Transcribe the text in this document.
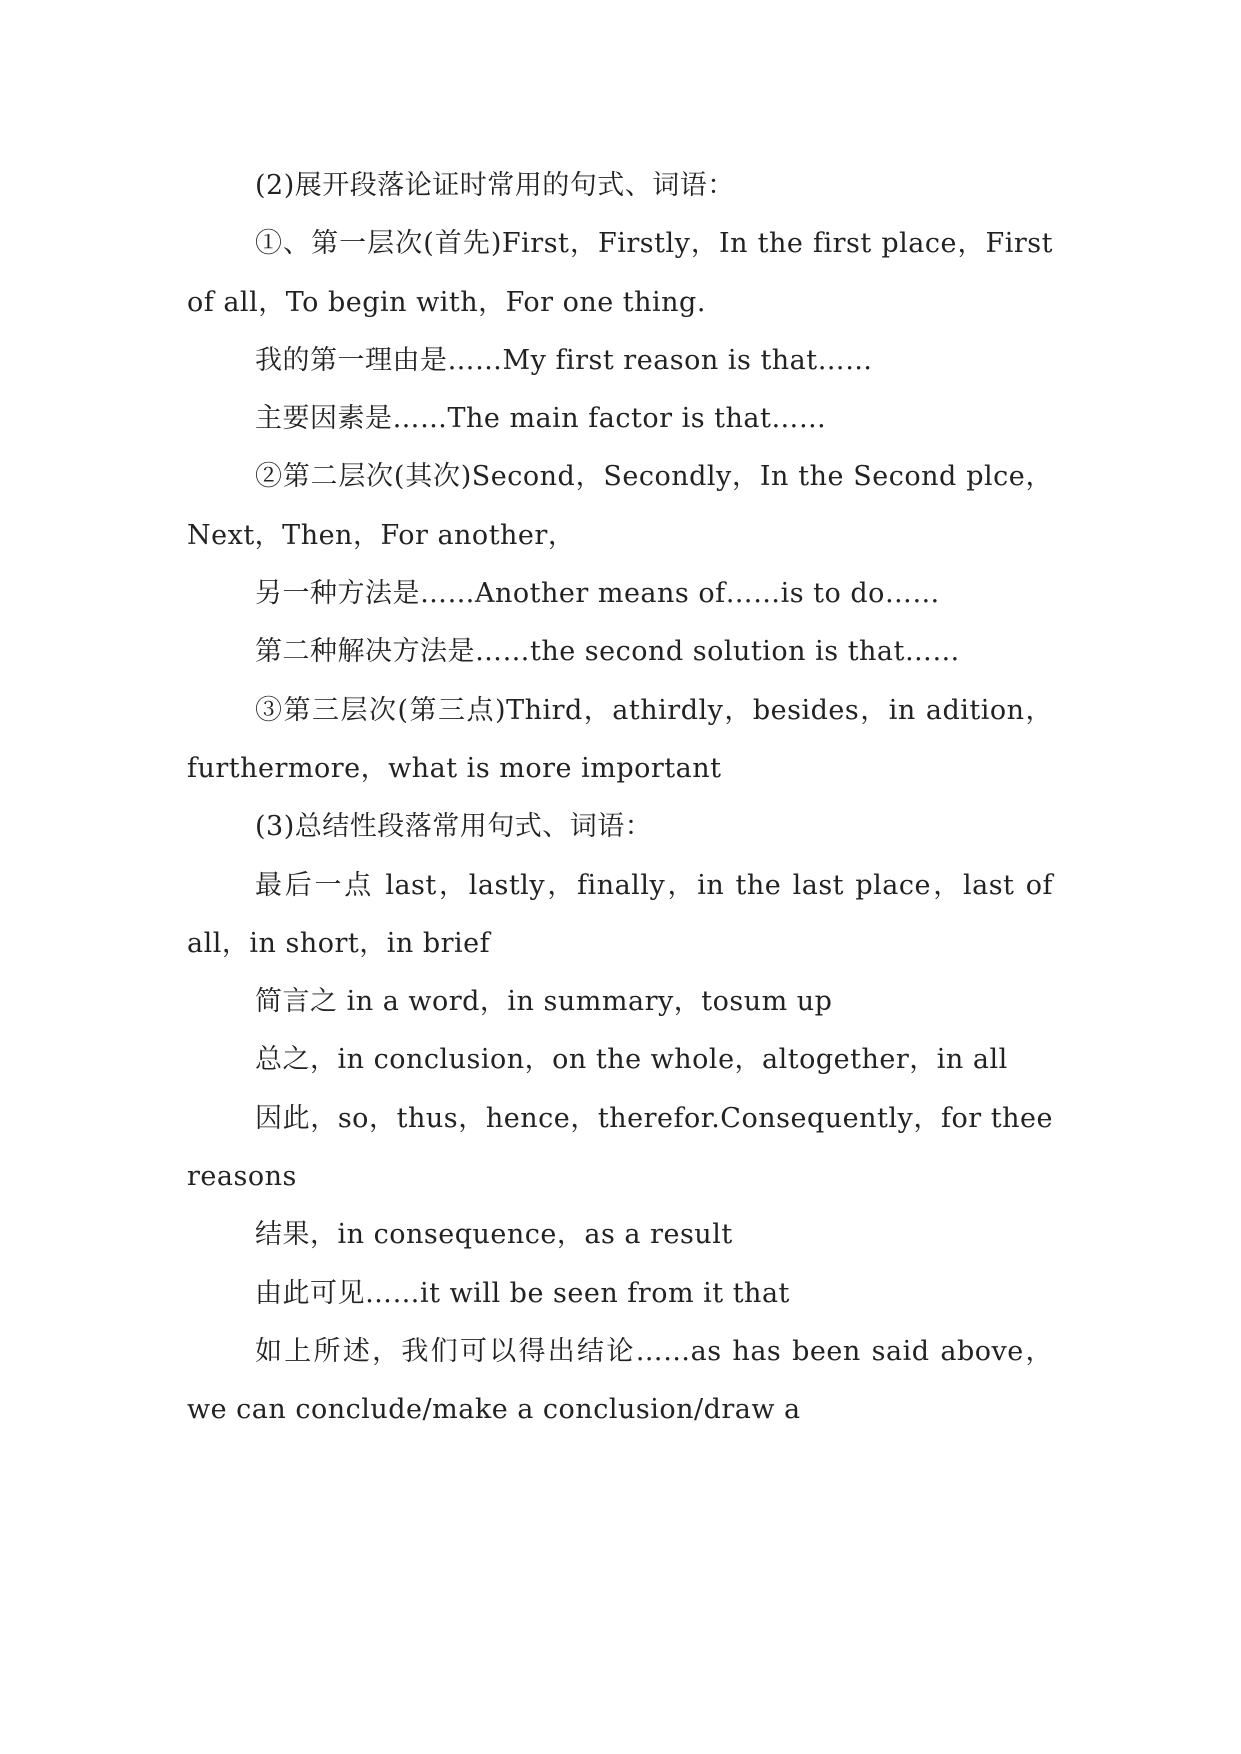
(2)展开段落论证时常用的句式、词语：

①、第一层次(首先)First，Firstly，In the first place，First of all，To begin with，For one thing.

我的第一理由是……My first reason is that……

主要因素是……The main factor is that……

②第二层次(其次)Second，Secondly，In the Second plce，Next，Then，For another，

另一种方法是……Another means of……is to do……

第二种解决方法是……the second solution is that……

③第三层次(第三点)Third，athirdly，besides，in adition，furthermore，what is more important

(3)总结性段落常用句式、词语：

最后一点 last，lastly，finally，in the last place，last of all，in short，in brief

简言之 in a word，in summary，tosum up

总之，in conclusion，on the whole，altogether，in all

因此，so，thus，hence，therefor.Consequently，for thee reasons

结果，in consequence，as a result

由此可见……it will be seen from it that

如上所述，我们可以得出结论……as has been said above，we can conclude/make a conclusion/draw a
